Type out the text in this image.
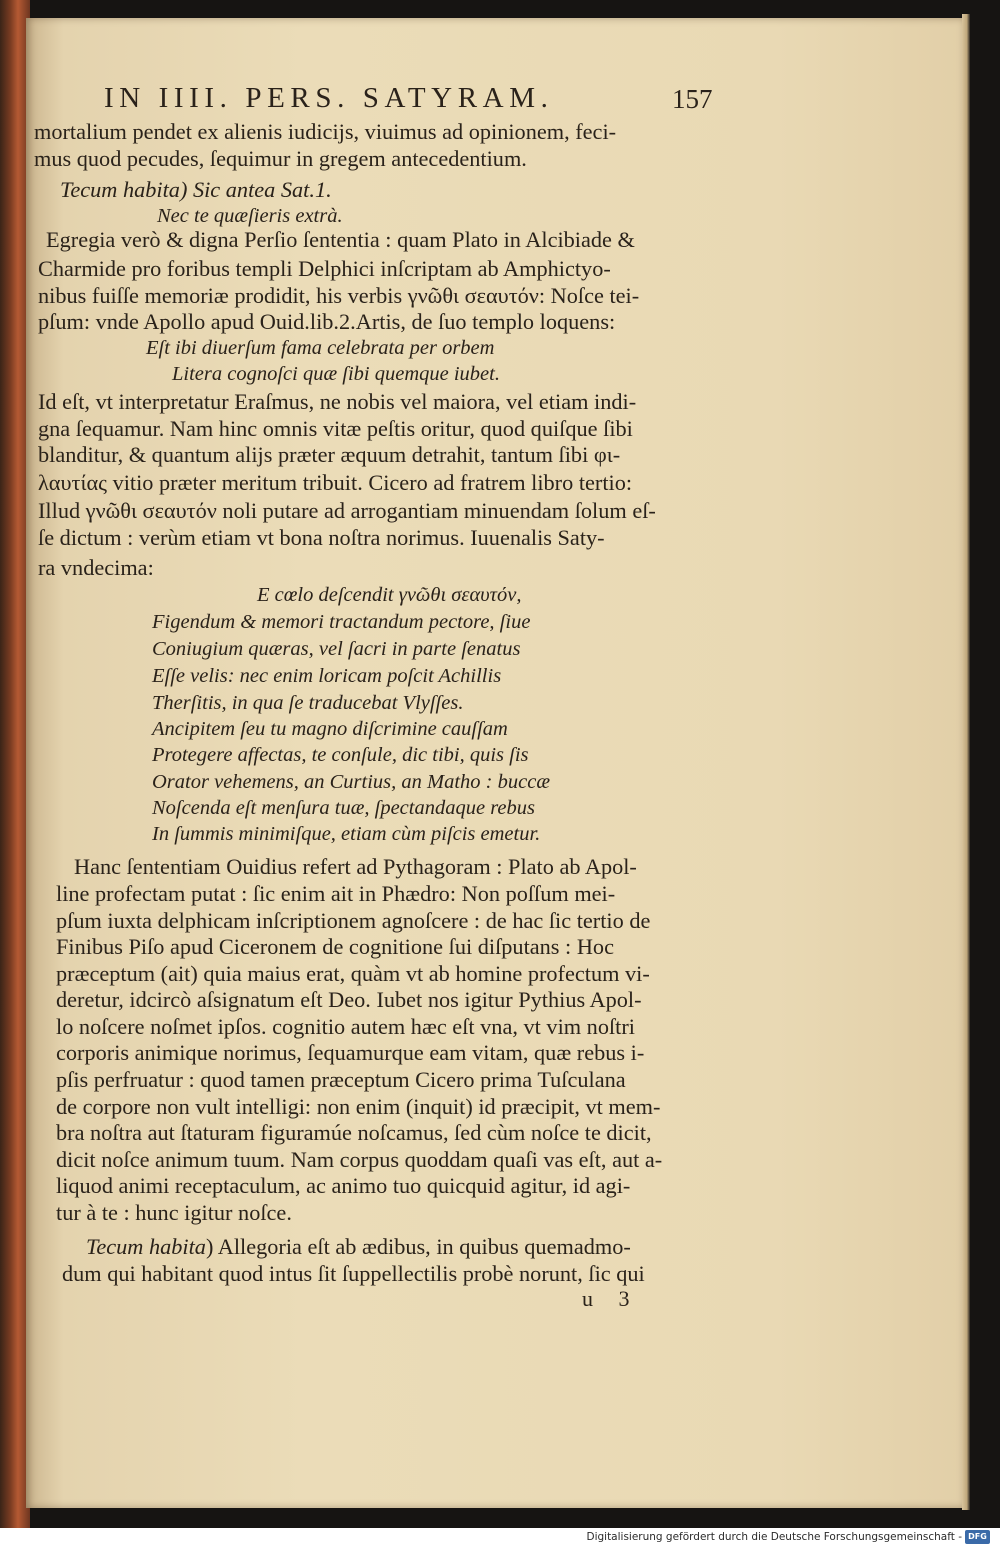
IN IIII. PERS. SATYRAM.	157
mortalium pendet ex alienis iudicijs, viuimus ad opinionem, feci-
mus quod pecudes, ſequimur in gregem antecedentium.
Tecum habita) Sic antea Sat.1.
Nec te quæſieris extrà.
Egregia verò & digna Perſio ſententia : quam Plato in Alcibiade &
Charmide pro foribus templi Delphici inſcriptam ab Amphictyo-
nibus fuiſſe memoriæ prodidit, his verbis γνῶθι σεαυτόν: Noſce tei-
pſum: vnde Apollo apud Ouid.lib.2.Artis, de ſuo templo loquens:
Eſt ibi diuerſum fama celebrata per orbem
Litera cognoſci quæ ſibi quemque iubet.
Id eſt, vt interpretatur Eraſmus, ne nobis vel maiora, vel etiam indi-
gna ſequamur. Nam hinc omnis vitæ peſtis oritur, quod quiſque ſibi
blanditur, & quantum alijs præter æquum detrahit, tantum ſibi φι-
λαυτίας vitio præter meritum tribuit. Cicero ad fratrem libro tertio:
Illud γνῶθι σεαυτόν noli putare ad arrogantiam minuendam ſolum eſ-
ſe dictum : verùm etiam vt bona noſtra norimus. Iuuenalis Saty-
ra vndecima:
E cœlo deſcendit γνῶθι σεαυτόν,
Figendum & memori tractandum pectore, ſiue
Coniugium quæras, vel ſacri in parte ſenatus
Eſſe velis: nec enim loricam poſcit Achillis
Therſitis, in qua ſe traducebat Vlyſſes.
Ancipitem ſeu tu magno diſcrimine cauſſam
Protegere affectas, te conſule, dic tibi, quis ſis
Orator vehemens, an Curtius, an Matho : buccæ
Noſcenda eſt menſura tuæ, ſpectandaque rebus
In ſummis minimiſque, etiam cùm piſcis emetur.
Hanc ſententiam Ouidius refert ad Pythagoram : Plato ab Apol-
line profectam putat : ſic enim ait in Phædro: Non poſſum mei-
pſum iuxta delphicam inſcriptionem agnoſcere : de hac ſic tertio de
Finibus Piſo apud Ciceronem de cognitione ſui diſputans : Hoc
præceptum (ait) quia maius erat, quàm vt ab homine profectum vi-
deretur, idcircò aſsignatum eſt Deo. Iubet nos igitur Pythius Apol-
lo noſcere noſmet ipſos. cognitio autem hæc eſt vna, vt vim noſtri
corporis animique norimus, ſequamurque eam vitam, quæ rebus i-
pſis perfruatur : quod tamen præceptum Cicero prima Tuſculana
de corpore non vult intelligi: non enim (inquit) id præcipit, vt mem-
bra noſtra aut ſtaturam figuramúe noſcamus, ſed cùm noſce te dicit,
dicit noſce animum tuum. Nam corpus quoddam quaſi vas eſt, aut a-
liquod animi receptaculum, ac animo tuo quicquid agitur, id agi-
tur à te : hunc igitur noſce.
Tecum habita) Allegoria eſt ab ædibus, in quibus quemadmo-
dum qui habitant quod intus ſit ſuppellectilis probè norunt, ſic qui
u 3
Digitalisierung gefördert durch die Deutsche Forschungsgemeinschaft - DFG
